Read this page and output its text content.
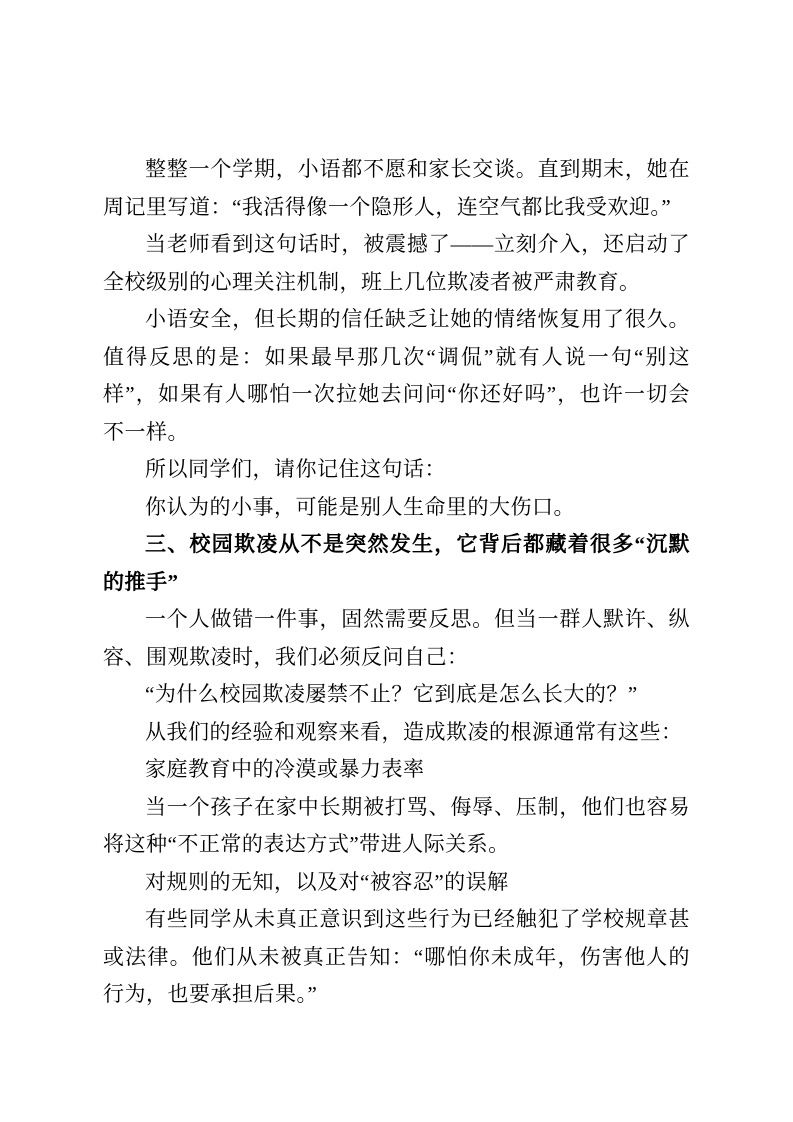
整整一个学期，小语都不愿和家长交谈。直到期末，她在周记里写道：“我活得像一个隐形人，连空气都比我受欢迎。”

当老师看到这句话时，被震撼了——立刻介入，还启动了全校级别的心理关注机制，班上几位欺凌者被严肃教育。

小语安全，但长期的信任缺乏让她的情绪恢复用了很久。值得反思的是：如果最早那几次“调侃”就有人说一句“别这样”，如果有人哪怕一次拉她去问问“你还好吗”，也许一切会不一样。

所以同学们，请你记住这句话：

你认为的小事，可能是别人生命里的大伤口。

三、校园欺凌从不是突然发生，它背后都藏着很多“沉默的推手”

一个人做错一件事，固然需要反思。但当一群人默许、纵容、围观欺凌时，我们必须反问自己：

“为什么校园欺凌屡禁不止？它到底是怎么长大的？”

从我们的经验和观察来看，造成欺凌的根源通常有这些：

家庭教育中的冷漠或暴力表率

当一个孩子在家中长期被打骂、侮辱、压制，他们也容易将这种“不正常的表达方式”带进人际关系。

对规则的无知，以及对“被容忍”的误解

有些同学从未真正意识到这些行为已经触犯了学校规章甚或法律。他们从未被真正告知：“哪怕你未成年，伤害他人的行为，也要承担后果。”
